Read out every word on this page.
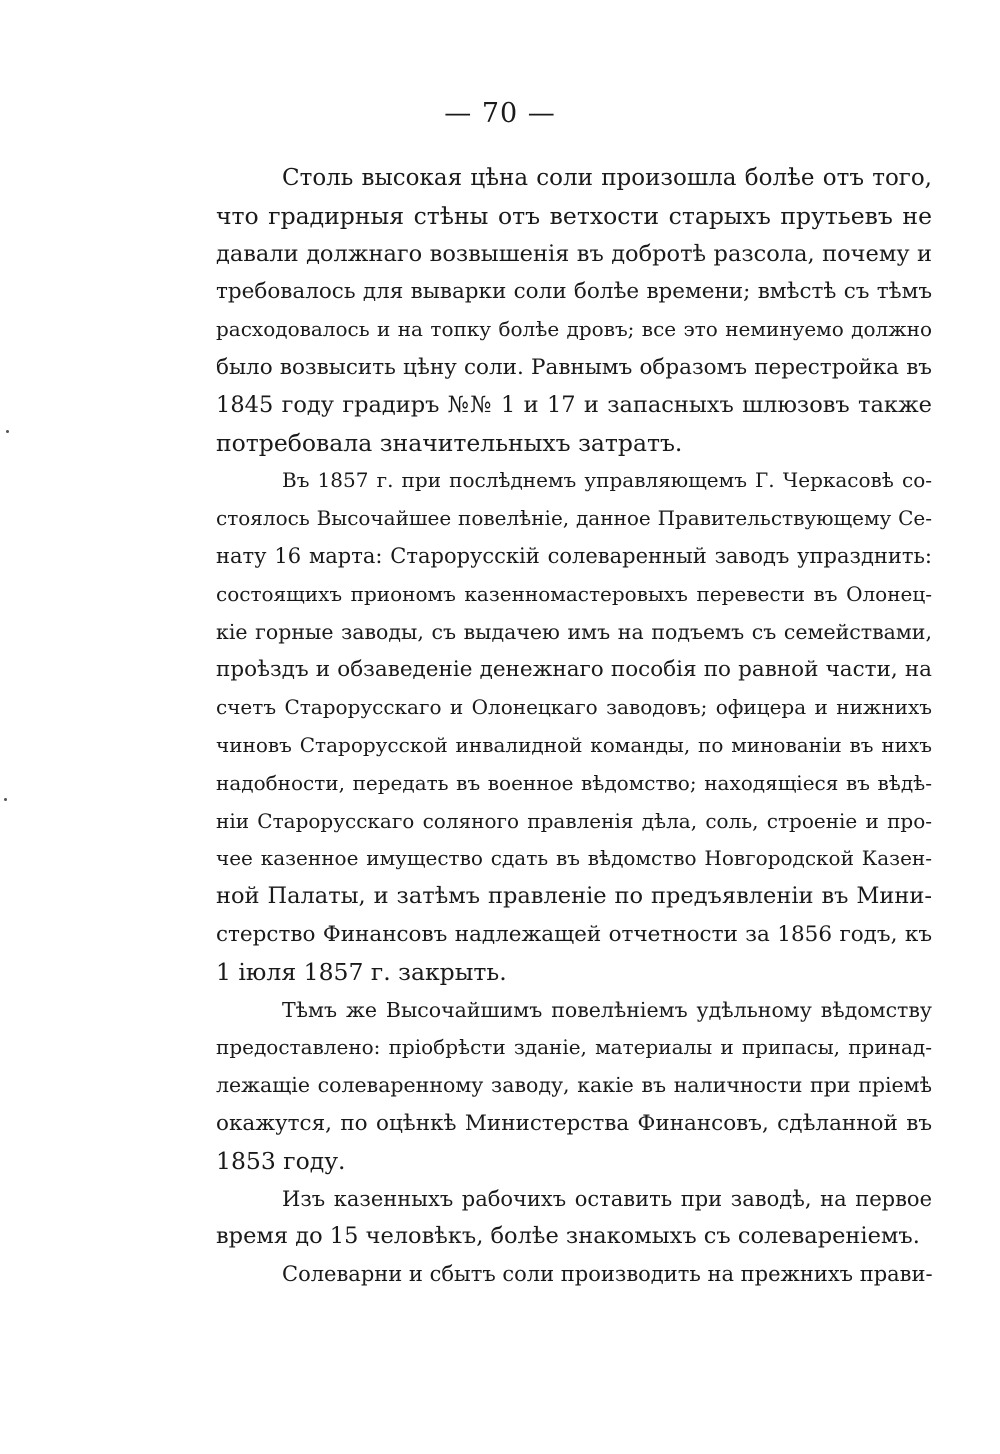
— 70 —
Столь высокая цѣна соли произошла болѣе отъ того,
что градирныя стѣны отъ ветхости старыхъ прутьевъ не
давали должнаго возвышенія въ добротѣ разсола, почему и
требовалось для выварки соли болѣе времени; вмѣстѣ съ тѣмъ
расходовалось и на топку болѣе дровъ; все это неминуемо должно
было возвысить цѣну соли. Равнымъ образомъ перестройка въ
1845 году градиръ №№ 1 и 17 и запасныхъ шлюзовъ также
потребовала значительныхъ затратъ.
Въ 1857 г. при послѣднемъ управляющемъ Г. Черкасовѣ со-
стоялось Высочайшее повелѣніе, данное Правительствующему Се-
нату 16 марта: Старорусскій солеваренный заводъ упразднить:
состоящихъ приономъ казенномастеровыхъ перевести въ Олонец-
кіе горные заводы, съ выдачею имъ на подъемъ съ семействами,
проѣздъ и обзаведеніе денежнаго пособія по равной части, на
счетъ Старорусскаго и Олонецкаго заводовъ; офицера и нижнихъ
чиновъ Старорусской инвалидной команды, по минованіи въ нихъ
надобности, передать въ военное вѣдомство; находящіеся въ вѣдѣ-
ніи Старорусскаго соляного правленія дѣла, соль, строеніе и про-
чее казенное имущество сдать въ вѣдомство Новгородской Казен-
ной Палаты, и затѣмъ правленіе по предъявленіи въ Мини-
стерство Финансовъ надлежащей отчетности за 1856 годъ, къ
1 іюля 1857 г. закрыть.
Тѣмъ же Высочайшимъ повелѣніемъ удѣльному вѣдомству
предоставлено: пріобрѣсти зданіе, материалы и припасы, принад-
лежащіе солеваренному заводу, какіе въ наличности при пріемѣ
окажутся, по оцѣнкѣ Министерства Финансовъ, сдѣланной въ
1853 году.
Изъ казенныхъ рабочихъ оставить при заводѣ, на первое
время до 15 человѣкъ, болѣе знакомыхъ съ солевареніемъ.
Солеварни и сбытъ соли производить на прежнихъ прави-
